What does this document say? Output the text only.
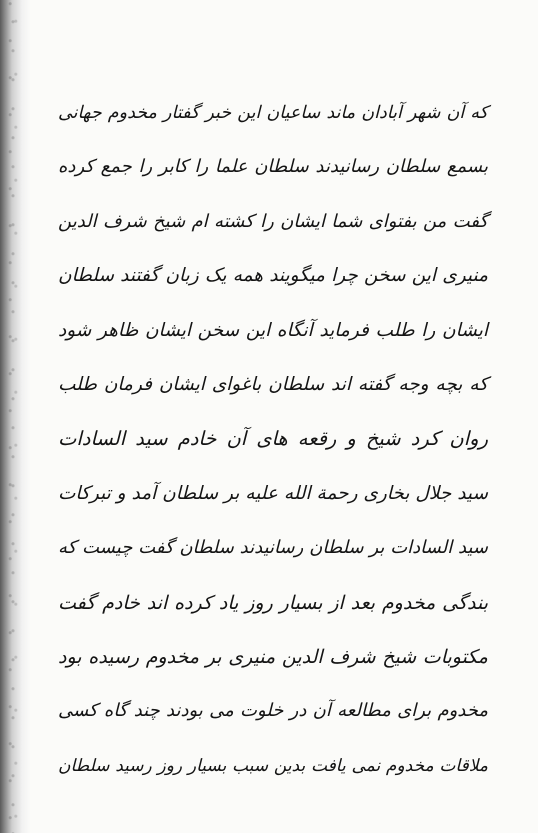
که آن شهر آبادان ماند ساعیان این خبر گفتار مخدوم جهانی
بسمع سلطان رسانیدند سلطان علما را کابر را جمع کرده
گفت من بفتوای شما ایشان را کشته ام شیخ شرف الدین
منیری این سخن چرا میگویند همه یک زبان گفتند سلطان
ایشان را طلب فرماید آنگاه این سخن ایشان ظاهر شود
که بچه وجه گفته اند سلطان باغوای ایشان فرمان طلب
روان کرد شیخ و رقعه های آن خادم سید السادات
سید جلال بخاری رحمة الله علیه بر سلطان آمد و تبرکات
سید السادات بر سلطان رسانیدند سلطان گفت چیست که
بندگی مخدوم بعد از بسیار روز یاد کرده اند خادم گفت
مکتوبات شیخ شرف الدین منیری بر مخدوم رسیده بود
مخدوم برای مطالعه آن در خلوت می بودند چند گاه کسی
ملاقات مخدوم نمی یافت بدین سبب بسیار روز رسید سلطان
